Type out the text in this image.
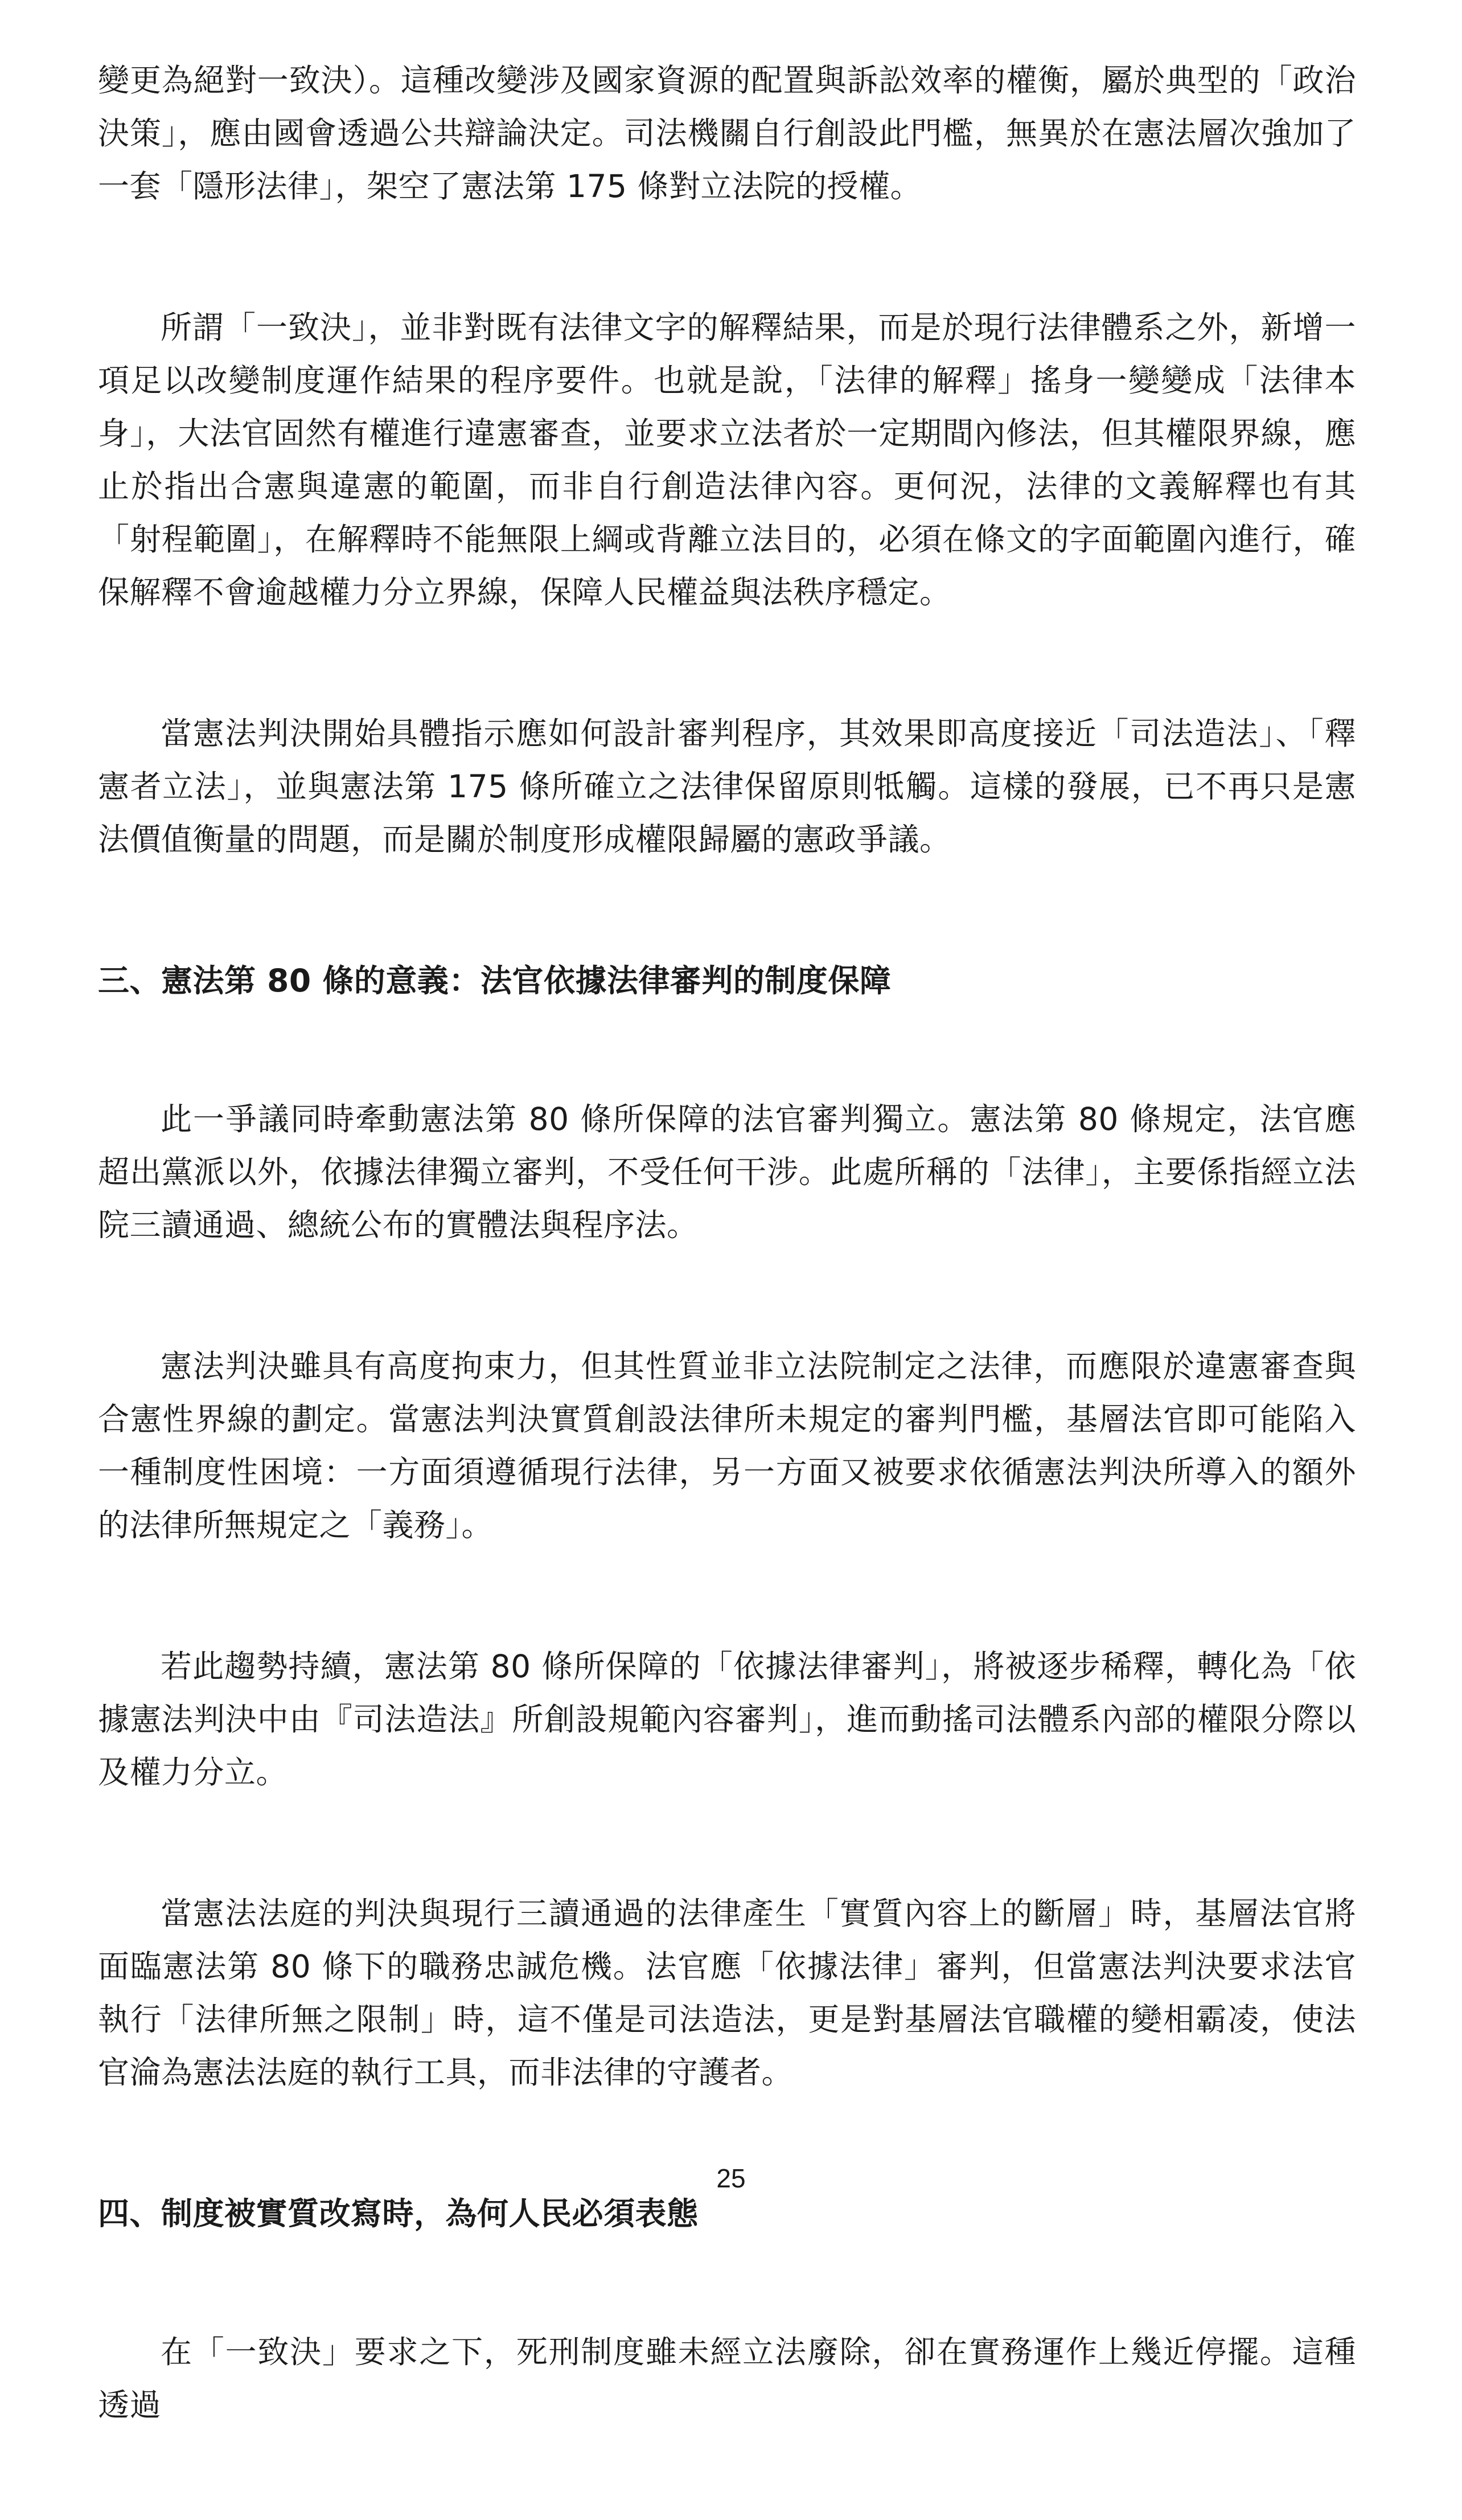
變更為絕對一致決）。這種改變涉及國家資源的配置與訴訟效率的權衡，屬於典型的「政治決策」，應由國會透過公共辯論決定。司法機關自行創設此門檻，無異於在憲法層次強加了一套「隱形法律」，架空了憲法第 175 條對立法院的授權。

所謂「一致決」，並非對既有法律文字的解釋結果，而是於現行法律體系之外，新增一項足以改變制度運作結果的程序要件。也就是說，「法律的解釋」搖身一變變成「法律本身」，大法官固然有權進行違憲審查，並要求立法者於一定期間內修法，但其權限界線，應止於指出合憲與違憲的範圍，而非自行創造法律內容。更何況，法律的文義解釋也有其「射程範圍」，在解釋時不能無限上綱或背離立法目的，必須在條文的字面範圍內進行，確保解釋不會逾越權力分立界線，保障人民權益與法秩序穩定。

當憲法判決開始具體指示應如何設計審判程序，其效果即高度接近「司法造法」、「釋憲者立法」，並與憲法第 175 條所確立之法律保留原則牴觸。這樣的發展，已不再只是憲法價值衡量的問題，而是關於制度形成權限歸屬的憲政爭議。

三、憲法第 80 條的意義：法官依據法律審判的制度保障

此一爭議同時牽動憲法第 80 條所保障的法官審判獨立。憲法第 80 條規定，法官應超出黨派以外，依據法律獨立審判，不受任何干涉。此處所稱的「法律」，主要係指經立法院三讀通過、總統公布的實體法與程序法。

憲法判決雖具有高度拘束力，但其性質並非立法院制定之法律，而應限於違憲審查與合憲性界線的劃定。當憲法判決實質創設法律所未規定的審判門檻，基層法官即可能陷入一種制度性困境：一方面須遵循現行法律，另一方面又被要求依循憲法判決所導入的額外的法律所無規定之「義務」。

若此趨勢持續，憲法第 80 條所保障的「依據法律審判」，將被逐步稀釋，轉化為「依據憲法判決中由『司法造法』所創設規範內容審判」，進而動搖司法體系內部的權限分際以及權力分立。

當憲法法庭的判決與現行三讀通過的法律產生「實質內容上的斷層」時，基層法官將面臨憲法第 80 條下的職務忠誠危機。法官應「依據法律」審判，但當憲法判決要求法官執行「法律所無之限制」時，這不僅是司法造法，更是對基層法官職權的變相霸凌，使法官淪為憲法法庭的執行工具，而非法律的守護者。

四、制度被實質改寫時，為何人民必須表態

在「一致決」要求之下，死刑制度雖未經立法廢除，卻在實務運作上幾近停擺。這種透過

25
